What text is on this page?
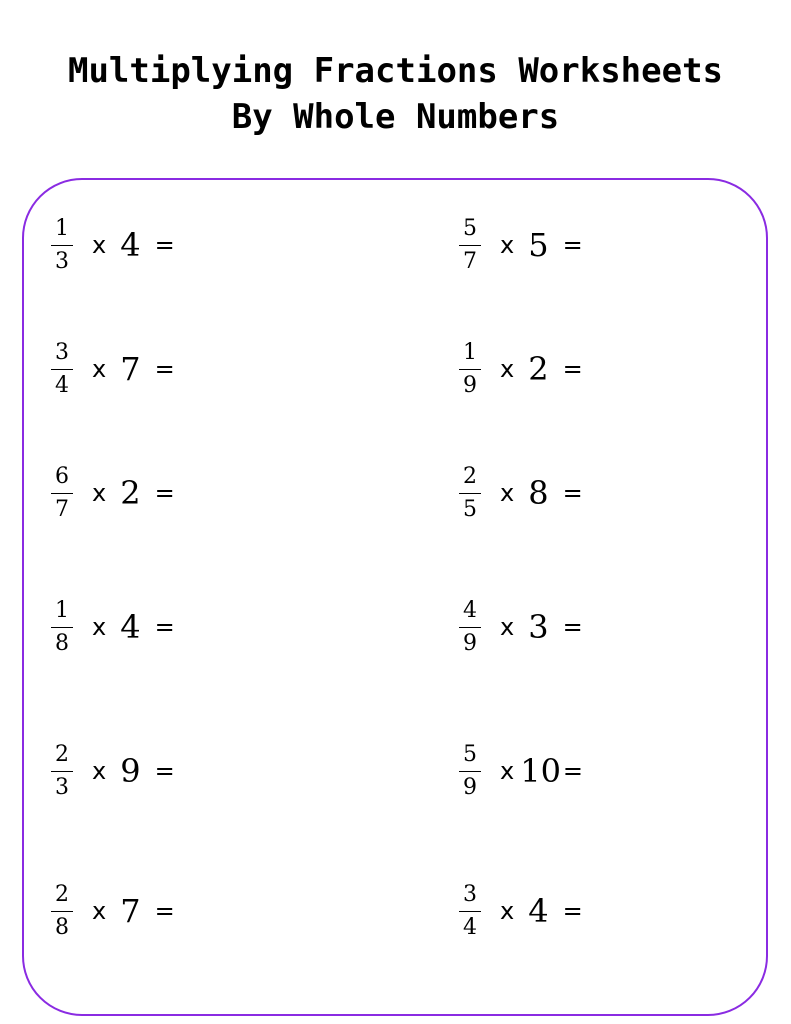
Multiplying Fractions Worksheets
By Whole Numbers
$\frac{1}{3}$ x 4 =
$\frac{3}{4}$ x 7 =
$\frac{6}{7}$ x 2 =
$\frac{1}{8}$ x 4 =
$\frac{2}{3}$ x 9 =
$\frac{2}{8}$ x 7 =
$\frac{5}{7}$ x 5 =
$\frac{1}{9}$ x 2 =
$\frac{2}{5}$ x 8 =
$\frac{4}{9}$ x 3 =
$\frac{5}{9}$ x 10 =
$\frac{3}{4}$ x 4 =
